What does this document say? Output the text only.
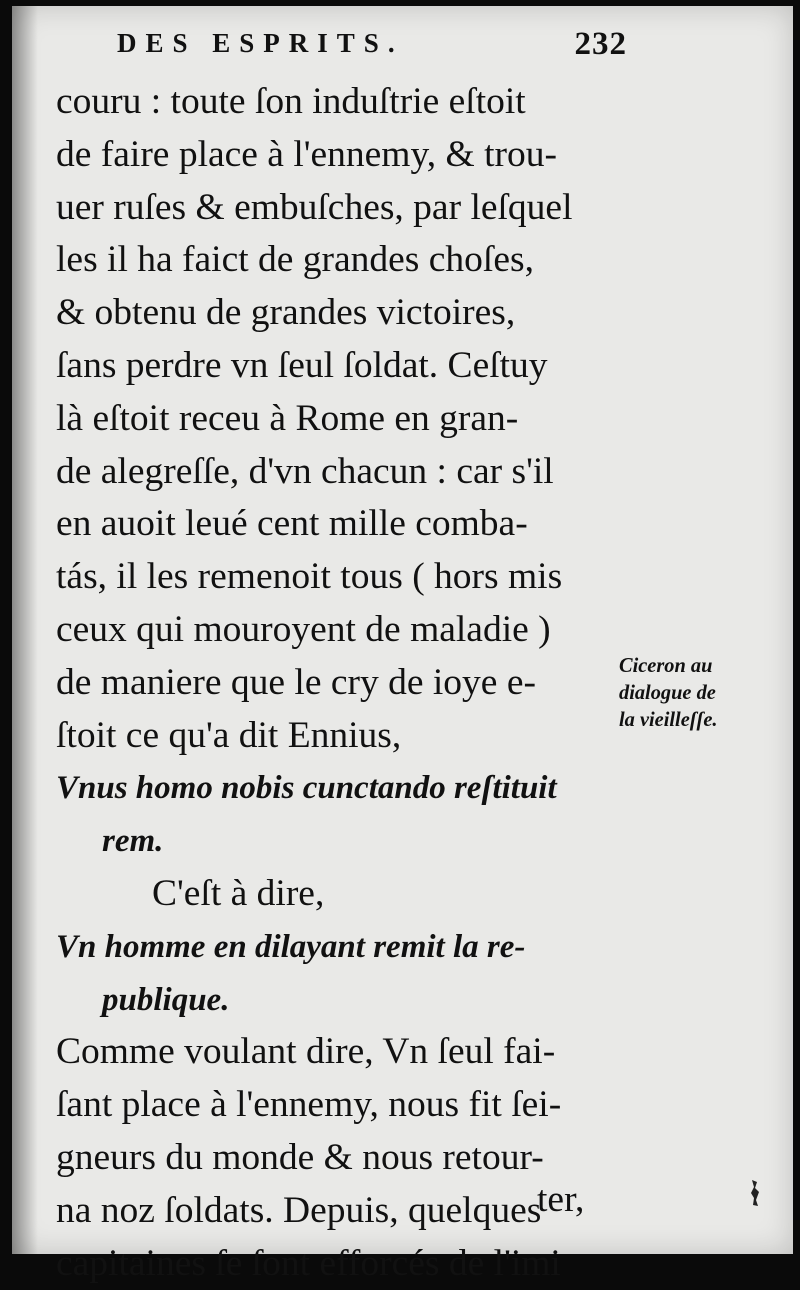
DES ESPRITS.	232
couru : toute ſon induſtrie eſtoit
de faire place à l'ennemy, & trou-
uer ruſes & embuſches, par leſquel
les il ha faict de grandes choſes,
& obtenu de grandes victoires,
ſans perdre vn ſeul ſoldat. Ceſtuy
là eſtoit receu à Rome en gran-
de alegreſſe, d'vn chacun : car s'il
en auoit leué cent mille comba-
tás, il les remenoit tous ( hors mis
ceux qui mouroyent de maladie )
de maniere que le cry de ioye e-
ſtoit ce qu'a dit Ennius,
Vnus homo nobis cunctando reſtituit
rem.
C'eſt à dire,
Vn homme en dilayant remit la re-
publique.
Comme voulant dire, Vn ſeul fai-
ſant place à l'ennemy, nous fit ſei-
gneurs du monde & nous retour-
na noz ſoldats. Depuis, quelques
capitaines ſe ſont efforcés de l'imi
Ciceron au
dialogue de
la vieilleſſe.
ter,
